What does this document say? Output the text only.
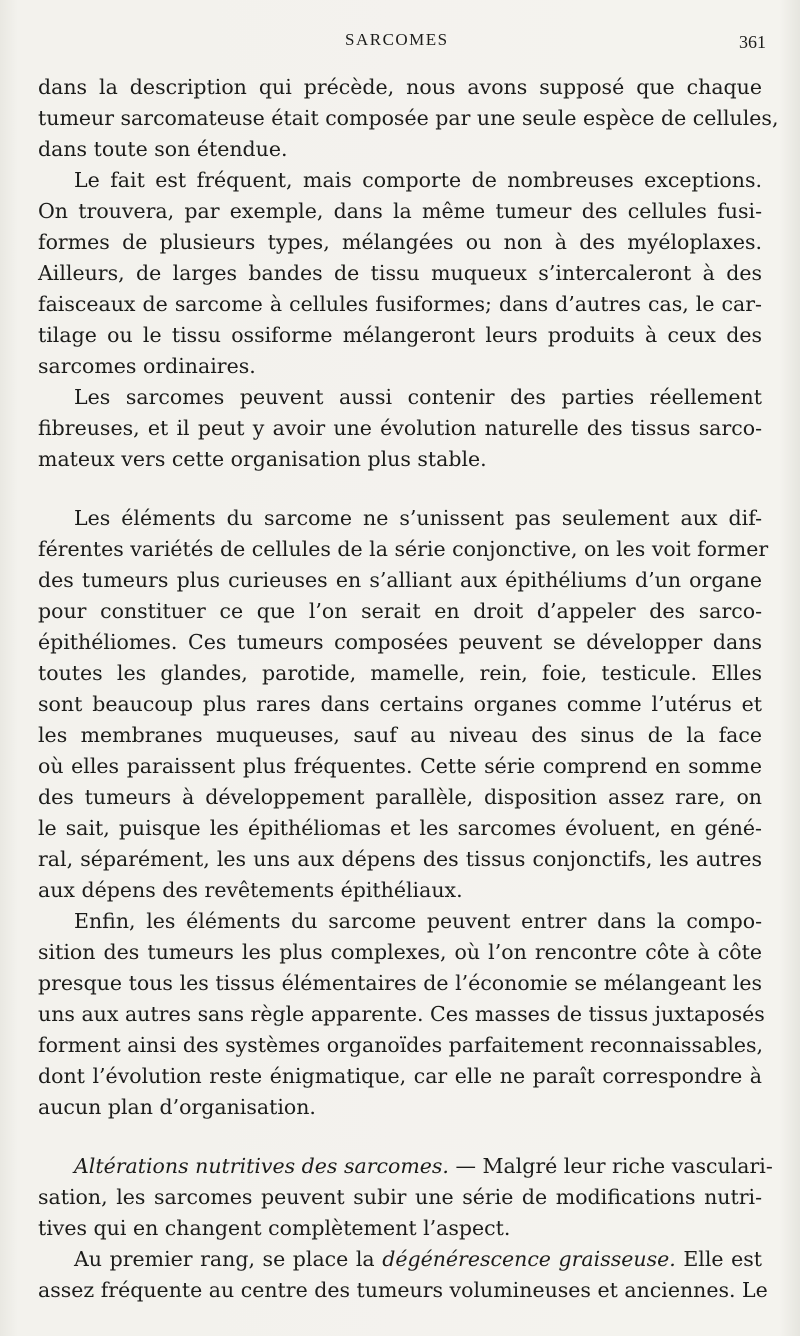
SARCOMES	361
dans la description qui précède, nous avons supposé que chaque
tumeur sarcomateuse était composée par une seule espèce de cellules,
dans toute son étendue.
Le fait est fréquent, mais comporte de nombreuses exceptions.
On trouvera, par exemple, dans la même tumeur des cellules fusi-
formes de plusieurs types, mélangées ou non à des myéloplaxes.
Ailleurs, de larges bandes de tissu muqueux s’intercaleront à des
faisceaux de sarcome à cellules fusiformes; dans d’autres cas, le car-
tilage ou le tissu ossiforme mélangeront leurs produits à ceux des
sarcomes ordinaires.
Les sarcomes peuvent aussi contenir des parties réellement
fibreuses, et il peut y avoir une évolution naturelle des tissus sarco-
mateux vers cette organisation plus stable.
Les éléments du sarcome ne s’unissent pas seulement aux dif-
férentes variétés de cellules de la série conjonctive, on les voit former
des tumeurs plus curieuses en s’alliant aux épithéliums d’un organe
pour constituer ce que l’on serait en droit d’appeler des sarco-
épithéliomes. Ces tumeurs composées peuvent se développer dans
toutes les glandes, parotide, mamelle, rein, foie, testicule. Elles
sont beaucoup plus rares dans certains organes comme l’utérus et
les membranes muqueuses, sauf au niveau des sinus de la face
où elles paraissent plus fréquentes. Cette série comprend en somme
des tumeurs à développement parallèle, disposition assez rare, on
le sait, puisque les épithéliomas et les sarcomes évoluent, en géné-
ral, séparément, les uns aux dépens des tissus conjonctifs, les autres
aux dépens des revêtements épithéliaux.
Enfin, les éléments du sarcome peuvent entrer dans la compo-
sition des tumeurs les plus complexes, où l’on rencontre côte à côte
presque tous les tissus élémentaires de l’économie se mélangeant les
uns aux autres sans règle apparente. Ces masses de tissus juxtaposés
forment ainsi des systèmes organoïdes parfaitement reconnaissables,
dont l’évolution reste énigmatique, car elle ne paraît correspondre à
aucun plan d’organisation.
Altérations nutritives des sarcomes. — Malgré leur riche vasculari-
sation, les sarcomes peuvent subir une série de modifications nutri-
tives qui en changent complètement l’aspect.
Au premier rang, se place la dégénérescence graisseuse. Elle est
assez fréquente au centre des tumeurs volumineuses et anciennes. Le
